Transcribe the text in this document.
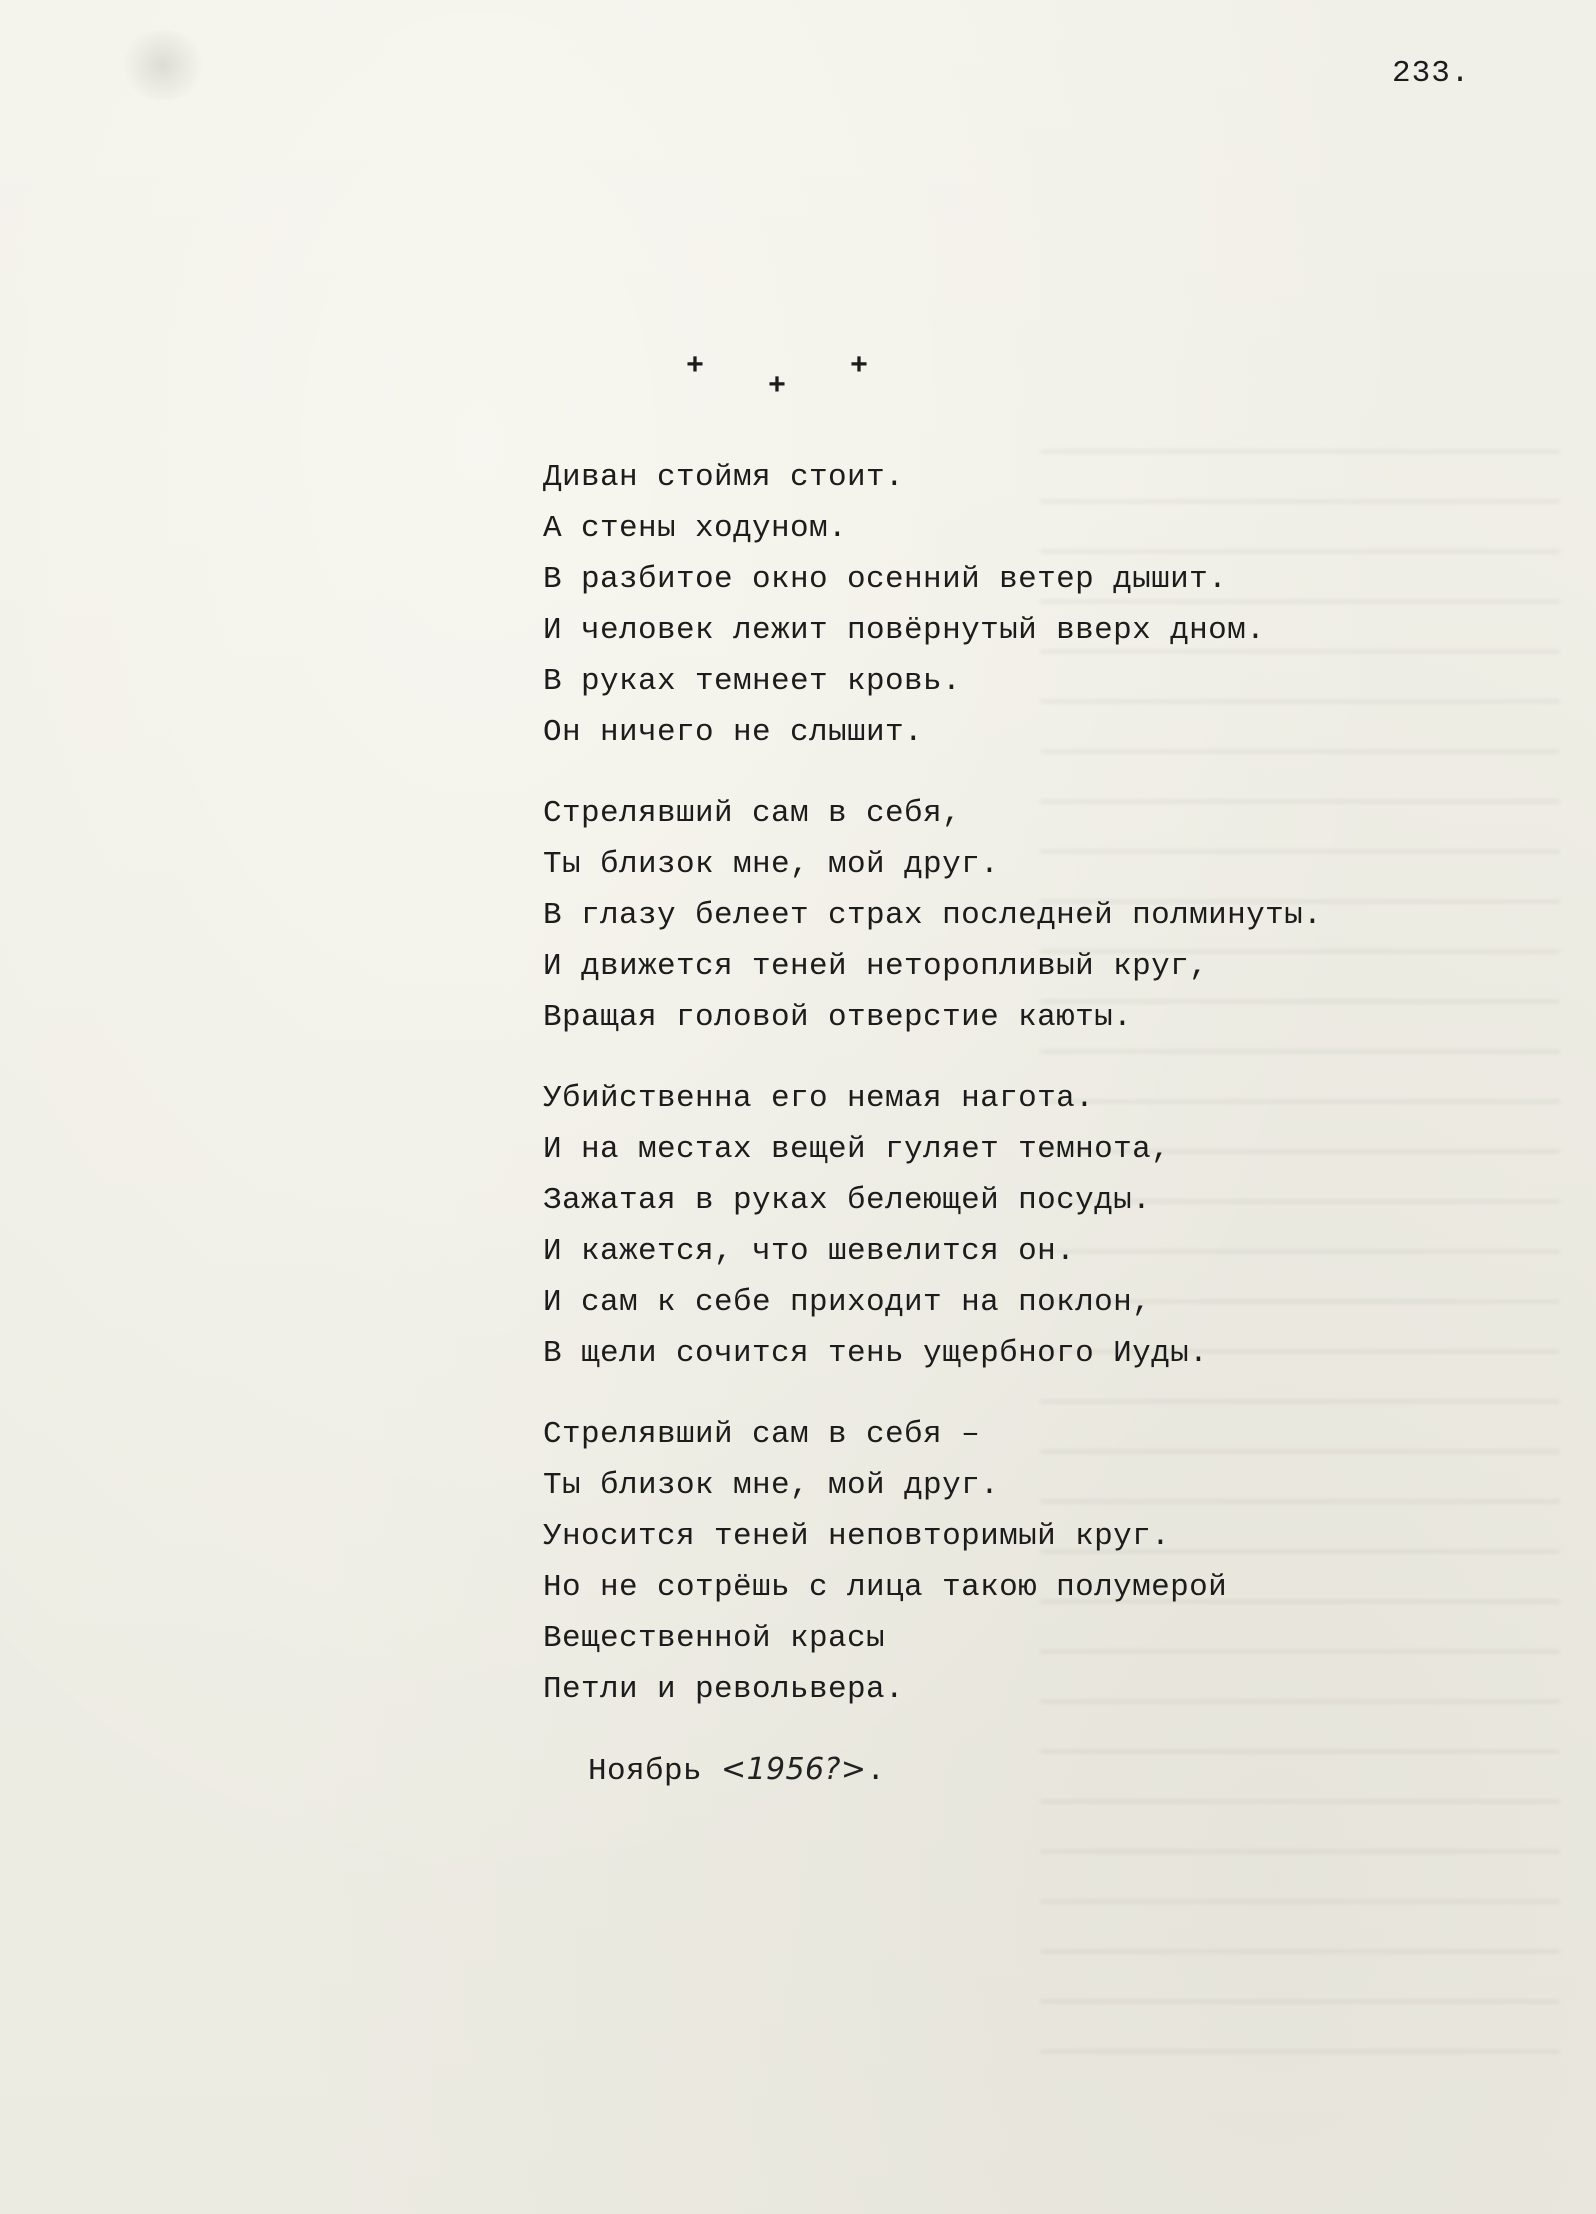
233.
+
+
+
Диван стоймя стоит.
А стены ходуном.
В разбитое окно осенний ветер дышит.
И человек лежит повёрнутый вверх дном.
В руках темнеет кровь.
Он ничего не слышит.
Стрелявший сам в себя,
Ты близок мне, мой друг.
В глазу белеет страх последней полминуты.
И движется теней неторопливый круг,
Вращая головой отверстие каюты.
Убийственна его немая нагота.
И на местах вещей гуляет темнота,
Зажатая в руках белеющей посуды.
И кажется, что шевелится он.
И сам к себе приходит на поклон,
В щели сочится тень ущербного Иуды.
Стрелявший сам в себя –
Ты близок мне, мой друг.
Уносится теней неповторимый круг.
Но не сотрёшь с лица такою полумерой
Вещественной красы
Петли и револьвера.
Ноябрь <1956?>.
